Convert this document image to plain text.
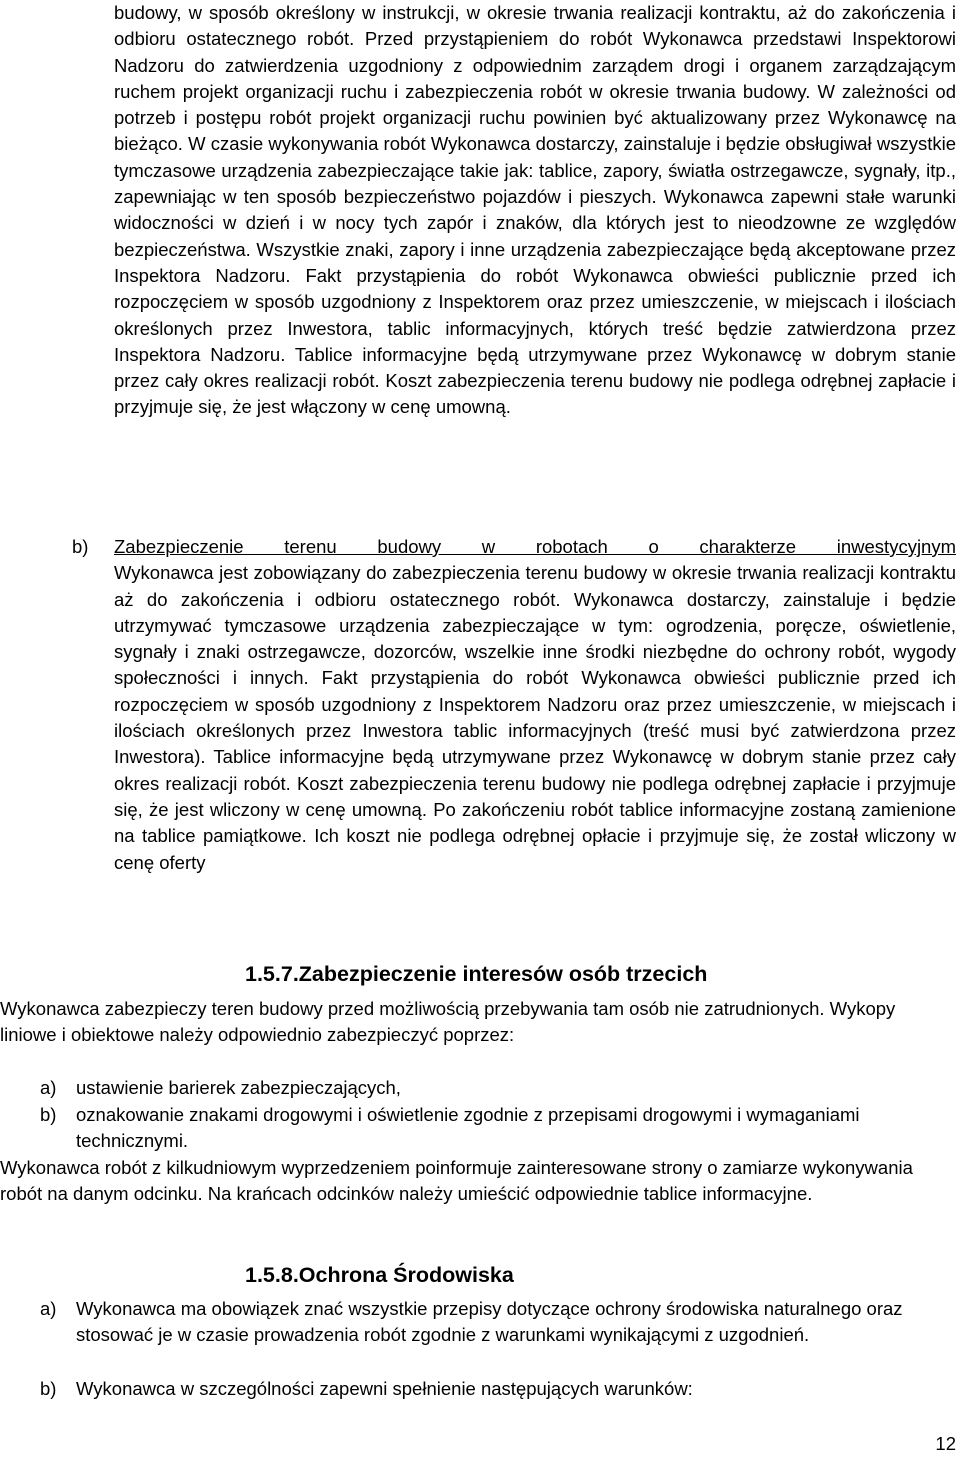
budowy, w sposób określony w instrukcji, w okresie trwania realizacji kontraktu, aż do zakończenia i odbioru ostatecznego robót. Przed przystąpieniem do robót Wykonawca przedstawi Inspektorowi Nadzoru do zatwierdzenia uzgodniony z odpowiednim zarządem drogi i organem zarządzającym ruchem projekt organizacji ruchu i zabezpieczenia robót w okresie trwania budowy. W zależności od potrzeb i postępu robót projekt organizacji ruchu powinien być aktualizowany przez Wykonawcę na bieżąco. W czasie wykonywania robót Wykonawca dostarczy, zainstaluje i będzie obsługiwał wszystkie tymczasowe urządzenia zabezpieczające takie jak: tablice, zapory, światła ostrzegawcze, sygnały, itp., zapewniając w ten sposób bezpieczeństwo pojazdów i pieszych. Wykonawca zapewni stałe warunki widoczności w dzień i w nocy tych zapór i znaków, dla których jest to nieodzowne ze względów bezpieczeństwa. Wszystkie znaki, zapory i inne urządzenia zabezpieczające będą akceptowane przez Inspektora Nadzoru. Fakt przystąpienia do robót Wykonawca obwieści publicznie przed ich rozpoczęciem w sposób uzgodniony z Inspektorem oraz przez umieszczenie, w miejscach i ilościach określonych przez Inwestora, tablic informacyjnych, których treść będzie zatwierdzona przez Inspektora Nadzoru. Tablice informacyjne będą utrzymywane przez Wykonawcę w dobrym stanie przez cały okres realizacji robót. Koszt zabezpieczenia terenu budowy nie podlega odrębnej zapłacie i przyjmuje się, że jest włączony w cenę umowną.
b) Zabezpieczenie terenu budowy w robotach o charakterze inwestycyjnym
Wykonawca jest zobowiązany do zabezpieczenia terenu budowy w okresie trwania realizacji kontraktu aż do zakończenia i odbioru ostatecznego robót. Wykonawca dostarczy, zainstaluje i będzie utrzymywać tymczasowe urządzenia zabezpieczające w tym: ogrodzenia, poręcze, oświetlenie, sygnały i znaki ostrzegawcze, dozorców, wszelkie inne środki niezbędne do ochrony robót, wygody społeczności i innych. Fakt przystąpienia do robót Wykonawca obwieści publicznie przed ich rozpoczęciem w sposób uzgodniony z Inspektorem Nadzoru oraz przez umieszczenie, w miejscach i ilościach określonych przez Inwestora tablic informacyjnych (treść musi być zatwierdzona przez Inwestora). Tablice informacyjne będą utrzymywane przez Wykonawcę w dobrym stanie przez cały okres realizacji robót. Koszt zabezpieczenia terenu budowy nie podlega odrębnej zapłacie i przyjmuje się, że jest wliczony w cenę umowną. Po zakończeniu robót tablice informacyjne zostaną zamienione na tablice pamiątkowe. Ich koszt nie podlega odrębnej opłacie i przyjmuje się, że został wliczony w cenę oferty
1.5.7.Zabezpieczenie interesów osób trzecich
Wykonawca zabezpieczy teren budowy przed możliwością przebywania tam osób nie zatrudnionych. Wykopy liniowe i obiektowe należy odpowiednio zabezpieczyć poprzez:
a) ustawienie barierek zabezpieczających,
b) oznakowanie znakami drogowymi i oświetlenie zgodnie z przepisami drogowymi i wymaganiami technicznymi.
Wykonawca robót z kilkudniowym wyprzedzeniem poinformuje zainteresowane strony o zamiarze wykonywania robót na danym odcinku. Na krańcach odcinków należy umieścić odpowiednie tablice informacyjne.
1.5.8.Ochrona Środowiska
a) Wykonawca ma obowiązek znać wszystkie przepisy dotyczące ochrony środowiska naturalnego oraz stosować je w czasie prowadzenia robót zgodnie z warunkami wynikającymi z uzgodnień.
b) Wykonawca w szczególności zapewni spełnienie następujących warunków:
12
